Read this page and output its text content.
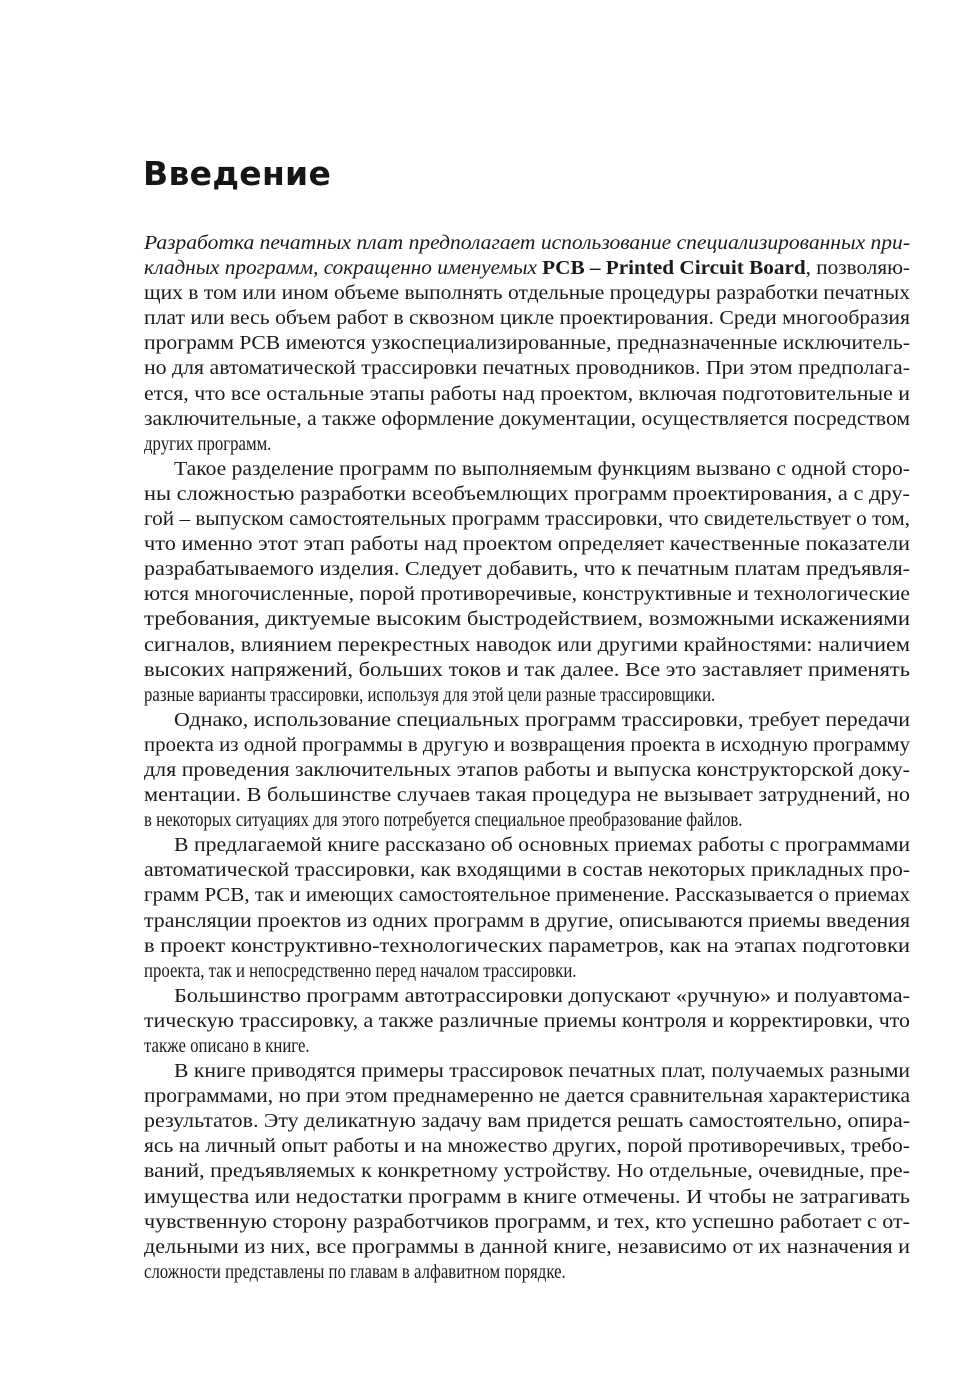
Введение
Разработка печатных плат предполагает использование специализированных при-
кладных программ, сокращенно именуемых PCB – Printed Circuit Board, позволяю-
щих в том или ином объеме выполнять отдельные процедуры разработки печатных
плат или весь объем работ в сквозном цикле проектирования. Среди многообразия
программ PCB имеются узкоспециализированные, предназначенные исключитель-
но для автоматической трассировки печатных проводников. При этом предполага-
ется, что все остальные этапы работы над проектом, включая подготовительные и
заключительные, а также оформление документации, осуществляется посредством
других программ.
Такое разделение программ по выполняемым функциям вызвано с одной сторо-
ны сложностью разработки всеобъемлющих программ проектирования, а с дру-
гой – выпуском самостоятельных программ трассировки, что свидетельствует о том,
что именно этот этап работы над проектом определяет качественные показатели
разрабатываемого изделия. Следует добавить, что к печатным платам предъявля-
ются многочисленные, порой противоречивые, конструктивные и технологические
требования, диктуемые высоким быстродействием, возможными искажениями
сигналов, влиянием перекрестных наводок или другими крайностями: наличием
высоких напряжений, больших токов и так далее. Все это заставляет применять
разные варианты трассировки, используя для этой цели разные трассировщики.
Однако, использование специальных программ трассировки, требует передачи
проекта из одной программы в другую и возвращения проекта в исходную программу
для проведения заключительных этапов работы и выпуска конструкторской доку-
ментации. В большинстве случаев такая процедура не вызывает затруднений, но
в некоторых ситуациях для этого потребуется специальное преобразование файлов.
В предлагаемой книге рассказано об основных приемах работы с программами
автоматической трассировки, как входящими в состав некоторых прикладных про-
грамм PCB, так и имеющих самостоятельное применение. Рассказывается о приемах
трансляции проектов из одних программ в другие, описываются приемы введения
в проект конструктивно-технологических параметров, как на этапах подготовки
проекта, так и непосредственно перед началом трассировки.
Большинство программ автотрассировки допускают «ручную» и полуавтома-
тическую трассировку, а также различные приемы контроля и корректировки, что
также описано в книге.
В книге приводятся примеры трассировок печатных плат, получаемых разными
программами, но при этом преднамеренно не дается сравнительная характеристика
результатов. Эту деликатную задачу вам придется решать самостоятельно, опира-
ясь на личный опыт работы и на множество других, порой противоречивых, требо-
ваний, предъявляемых к конкретному устройству. Но отдельные, очевидные, пре-
имущества или недостатки программ в книге отмечены. И чтобы не затрагивать
чувственную сторону разработчиков программ, и тех, кто успешно работает с от-
дельными из них, все программы в данной книге, независимо от их назначения и
сложности представлены по главам в алфавитном порядке.
